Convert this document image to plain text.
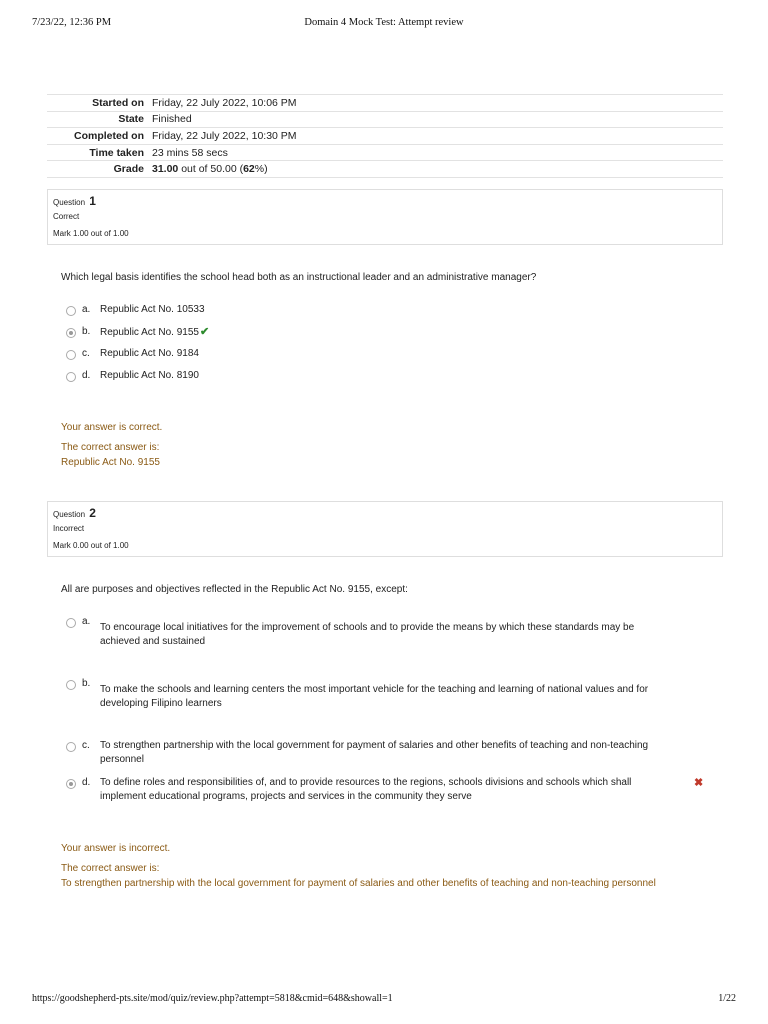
7/23/22, 12:36 PM	Domain 4 Mock Test: Attempt review
Started on	Friday, 22 July 2022, 10:06 PM
State	Finished
Completed on	Friday, 22 July 2022, 10:30 PM
Time taken	23 mins 58 secs
Grade	31.00 out of 50.00 (62%)
Question 1
Correct
Mark 1.00 out of 1.00
Which legal basis identifies the school head both as an instructional leader and an administrative manager?
a. Republic Act No. 10533
b. Republic Act No. 9155✔
c. Republic Act No. 9184
d. Republic Act No. 8190
Your answer is correct.
The correct answer is:
Republic Act No. 9155
Question 2
Incorrect
Mark 0.00 out of 1.00
All are purposes and objectives reflected in the Republic Act No. 9155, except:
a.
To encourage local initiatives for the improvement of schools and to provide the means by which these standards may be
achieved and sustained
b.
To make the schools and learning centers the most important vehicle for the teaching and learning of national values and for
developing Filipino learners
c. To strengthen partnership with the local government for payment of salaries and other benefits of teaching and non-teaching
personnel
d. To define roles and responsibilities of, and to provide resources to the regions, schools divisions and schools which shall
implement educational programs, projects and services in the community they serve
✖
Your answer is incorrect.
The correct answer is:
To strengthen partnership with the local government for payment of salaries and other benefits of teaching and non-teaching personnel
https://goodshepherd-pts.site/mod/quiz/review.php?attempt=5818&cmid=648&showall=1	1/22
